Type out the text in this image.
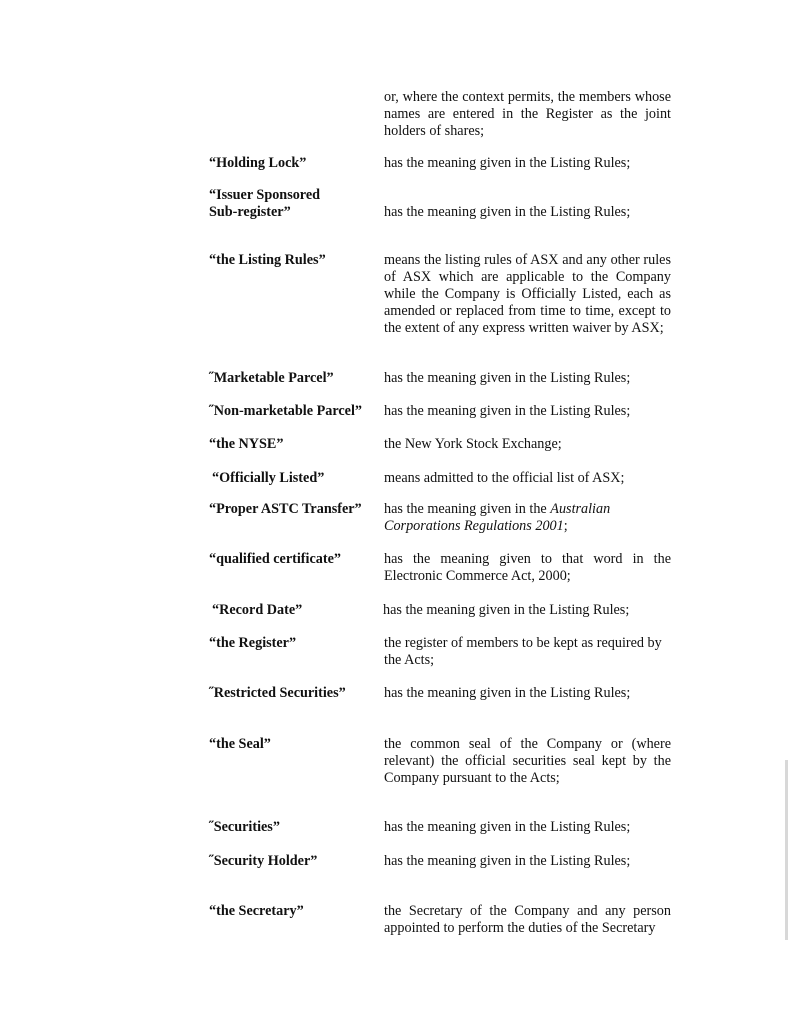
or, where the context permits, the members whose names are entered in the Register as the joint holders of shares;
“Holding Lock”	has the meaning given in the Listing Rules;
“Issuer Sponsored
Sub-register”	has the meaning given in the Listing Rules;
“the Listing Rules”	means the listing rules of ASX and any other rules of ASX which are applicable to the Company while the Company is Officially Listed, each as amended or replaced from time to time, except to the extent of any express written waiver by ASX;
˝Marketable Parcel”	has the meaning given in the Listing Rules;
˝Non-marketable Parcel”	has the meaning given in the Listing Rules;
“the NYSE”	the New York Stock Exchange;
“Officially Listed”	means admitted to the official list of ASX;
“Proper ASTC Transfer”	has the meaning given in the Australian Corporations Regulations 2001;
“qualified certificate”	has the meaning given to that word in the Electronic Commerce Act, 2000;
“Record Date”	has the meaning given in the Listing Rules;
“the Register”	the register of members to be kept as required by the Acts;
˝Restricted Securities”	has the meaning given in the Listing Rules;
“the Seal”	the common seal of the Company or (where relevant) the official securities seal kept by the Company pursuant to the Acts;
˝Securities”	has the meaning given in the Listing Rules;
˝Security Holder”	has the meaning given in the Listing Rules;
“the Secretary”	the Secretary of the Company and any person appointed to perform the duties of the Secretary
